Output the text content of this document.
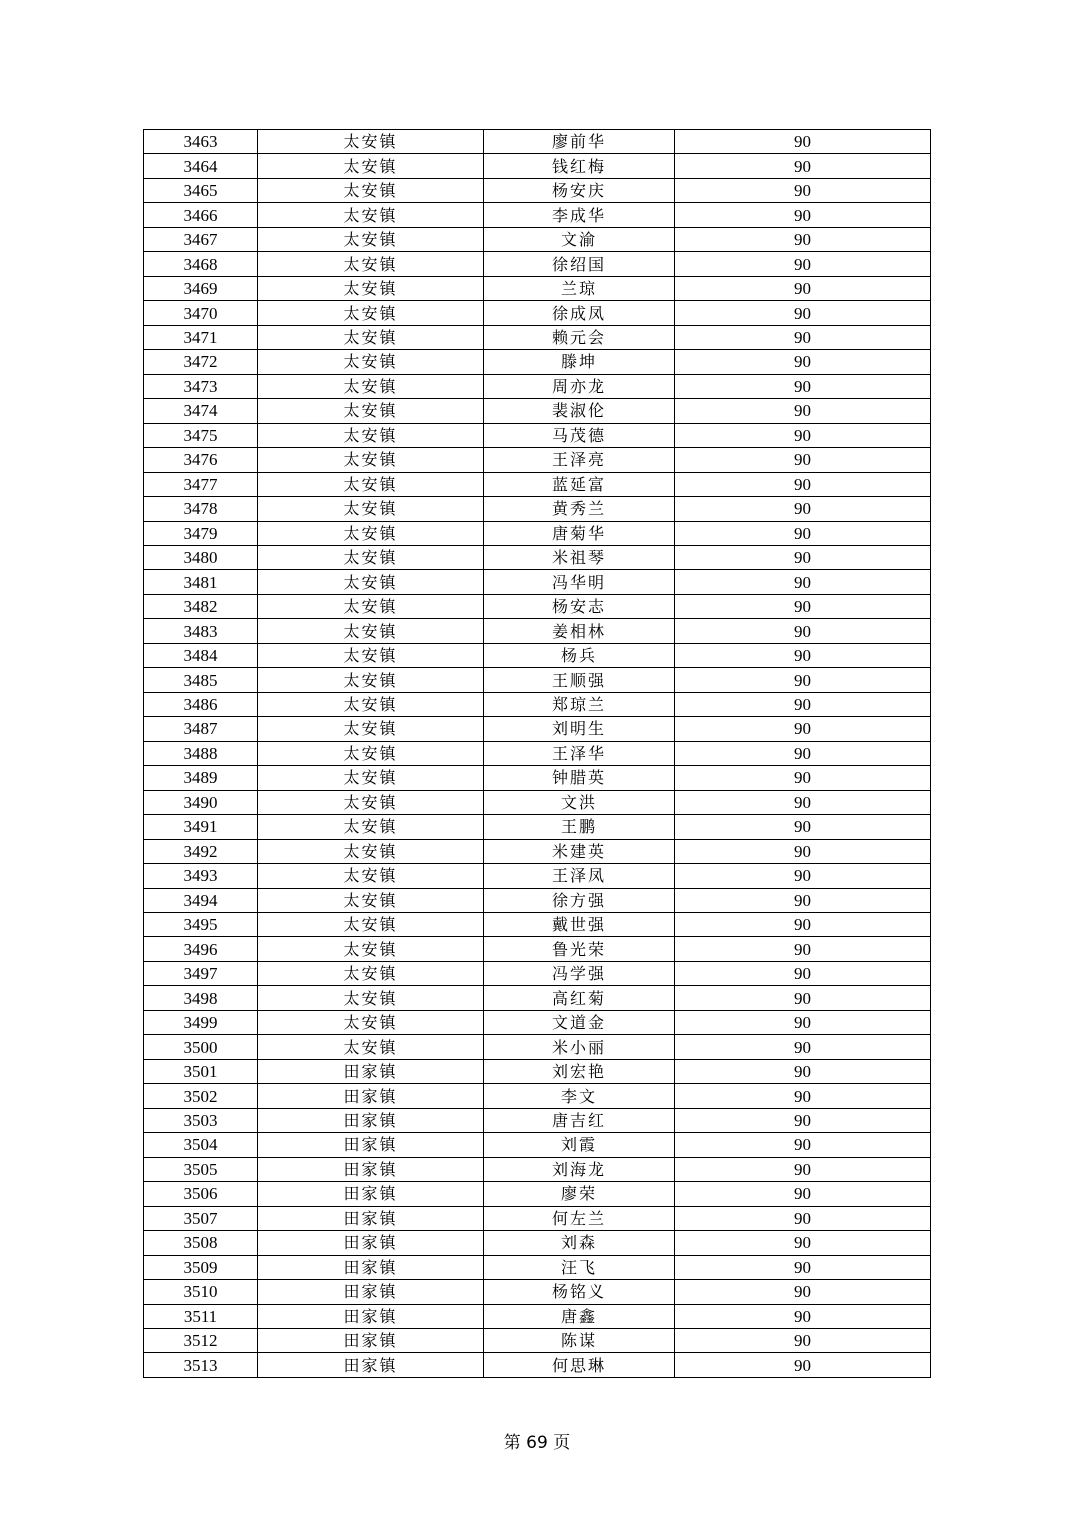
3463	太安镇	廖前华	90
3464	太安镇	钱红梅	90
3465	太安镇	杨安庆	90
3466	太安镇	李成华	90
3467	太安镇	文渝	90
3468	太安镇	徐绍国	90
3469	太安镇	兰琼	90
3470	太安镇	徐成凤	90
3471	太安镇	赖元会	90
3472	太安镇	滕坤	90
3473	太安镇	周亦龙	90
3474	太安镇	裴淑伦	90
3475	太安镇	马茂德	90
3476	太安镇	王泽亮	90
3477	太安镇	蓝延富	90
3478	太安镇	黄秀兰	90
3479	太安镇	唐菊华	90
3480	太安镇	米祖琴	90
3481	太安镇	冯华明	90
3482	太安镇	杨安志	90
3483	太安镇	姜相林	90
3484	太安镇	杨兵	90
3485	太安镇	王顺强	90
3486	太安镇	郑琼兰	90
3487	太安镇	刘明生	90
3488	太安镇	王泽华	90
3489	太安镇	钟腊英	90
3490	太安镇	文洪	90
3491	太安镇	王鹏	90
3492	太安镇	米建英	90
3493	太安镇	王泽凤	90
3494	太安镇	徐方强	90
3495	太安镇	戴世强	90
3496	太安镇	鲁光荣	90
3497	太安镇	冯学强	90
3498	太安镇	高红菊	90
3499	太安镇	文道金	90
3500	太安镇	米小丽	90
3501	田家镇	刘宏艳	90
3502	田家镇	李文	90
3503	田家镇	唐吉红	90
3504	田家镇	刘霞	90
3505	田家镇	刘海龙	90
3506	田家镇	廖荣	90
3507	田家镇	何左兰	90
3508	田家镇	刘森	90
3509	田家镇	汪飞	90
3510	田家镇	杨铭义	90
3511	田家镇	唐鑫	90
3512	田家镇	陈谋	90
3513	田家镇	何思琳	90
第 69 页
